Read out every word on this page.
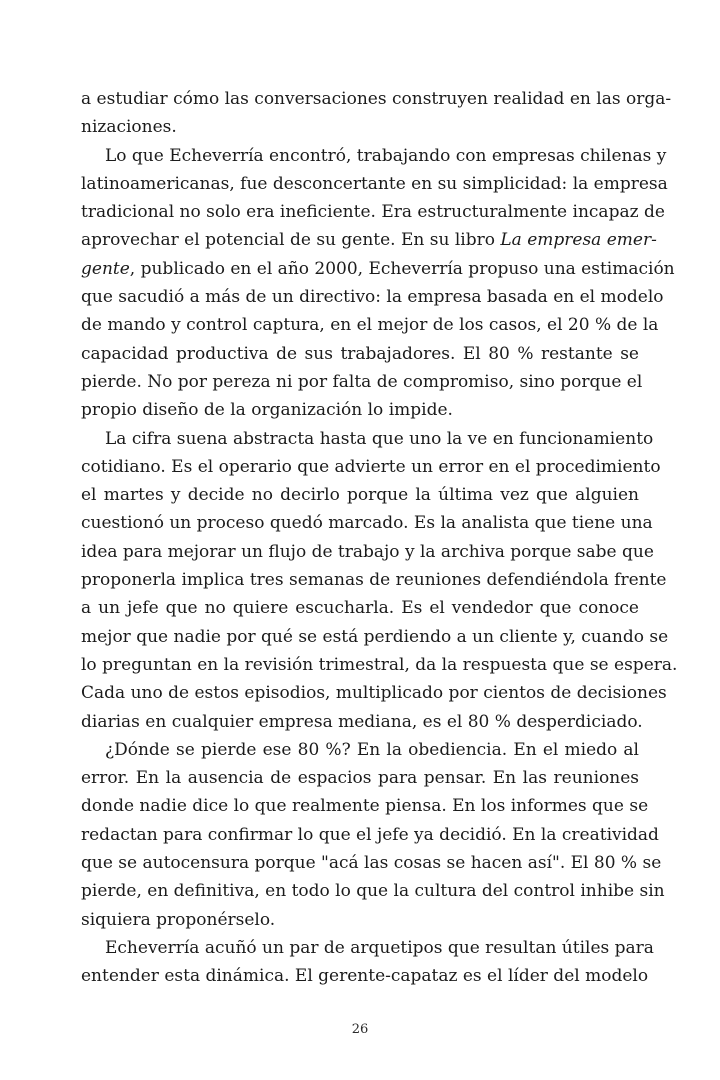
a estudiar cómo las conversaciones construyen realidad en las orga-
nizaciones.
Lo que Echeverría encontró, trabajando con empresas chilenas y
latinoamericanas, fue desconcertante en su simplicidad: la empresa
tradicional no solo era ineficiente. Era estructuralmente incapaz de
aprovechar el potencial de su gente. En su libro La empresa emer-
gente, publicado en el año 2000, Echeverría propuso una estimación
que sacudió a más de un directivo: la empresa basada en el modelo
de mando y control captura, en el mejor de los casos, el 20 % de la
capacidad productiva de sus trabajadores. El 80 % restante se
pierde. No por pereza ni por falta de compromiso, sino porque el
propio diseño de la organización lo impide.
La cifra suena abstracta hasta que uno la ve en funcionamiento
cotidiano. Es el operario que advierte un error en el procedimiento
el martes y decide no decirlo porque la última vez que alguien
cuestionó un proceso quedó marcado. Es la analista que tiene una
idea para mejorar un flujo de trabajo y la archiva porque sabe que
proponerla implica tres semanas de reuniones defendiéndola frente
a un jefe que no quiere escucharla. Es el vendedor que conoce
mejor que nadie por qué se está perdiendo a un cliente y, cuando se
lo preguntan en la revisión trimestral, da la respuesta que se espera.
Cada uno de estos episodios, multiplicado por cientos de decisiones
diarias en cualquier empresa mediana, es el 80 % desperdiciado.
¿Dónde se pierde ese 80 %? En la obediencia. En el miedo al
error. En la ausencia de espacios para pensar. En las reuniones
donde nadie dice lo que realmente piensa. En los informes que se
redactan para confirmar lo que el jefe ya decidió. En la creatividad
que se autocensura porque "acá las cosas se hacen así". El 80 % se
pierde, en definitiva, en todo lo que la cultura del control inhibe sin
siquiera proponérselo.
Echeverría acuñó un par de arquetipos que resultan útiles para
entender esta dinámica. El gerente-capataz es el líder del modelo
26
